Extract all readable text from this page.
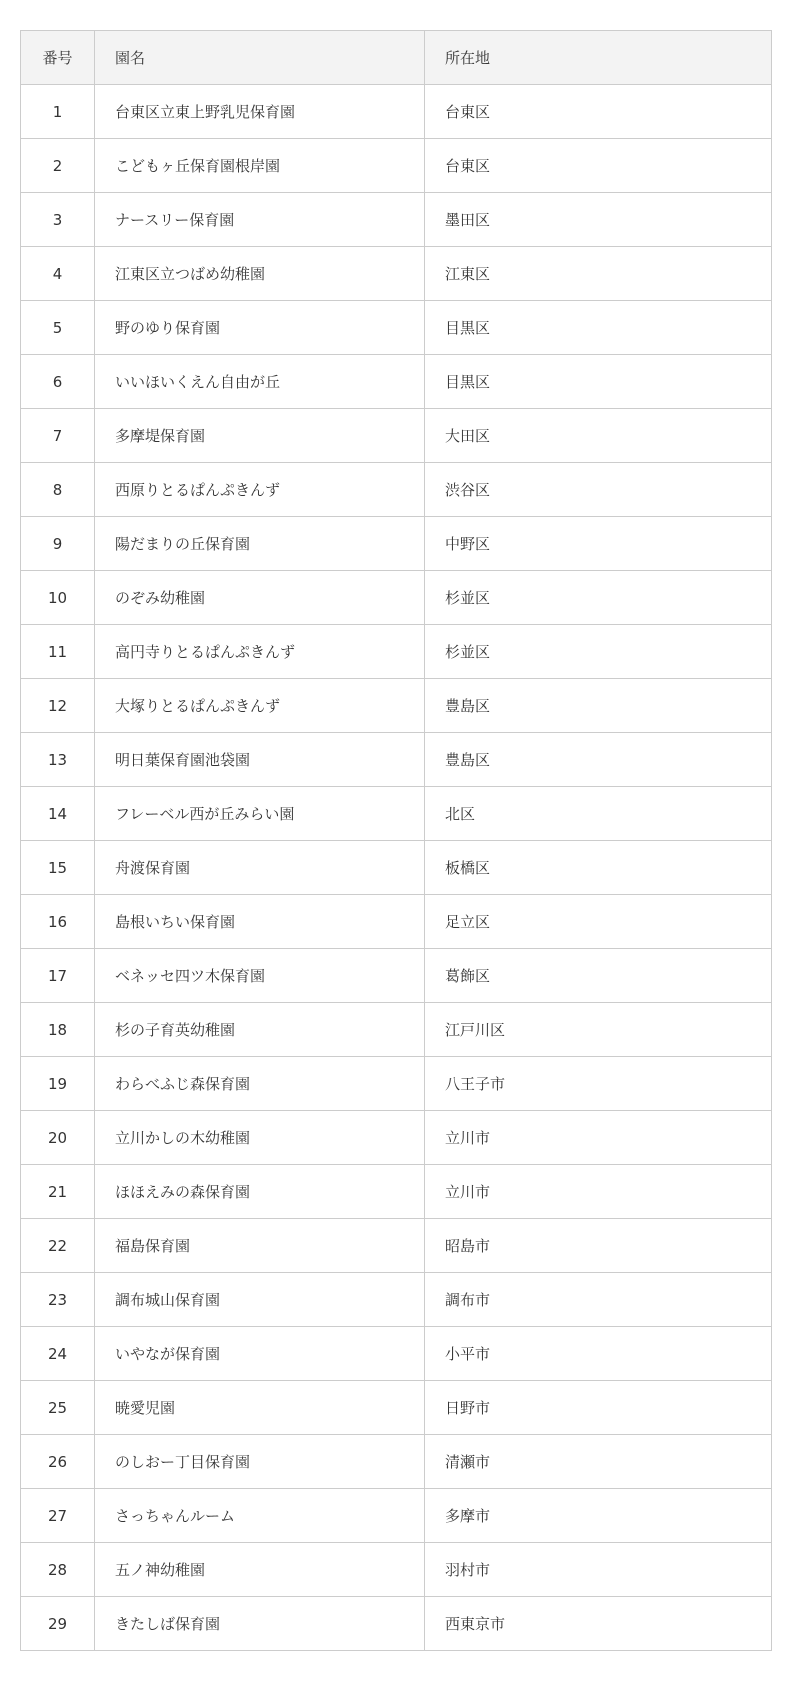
番号	園名	所在地
1	台東区立東上野乳児保育園	台東区
2	こどもヶ丘保育園根岸園	台東区
3	ナースリー保育園	墨田区
4	江東区立つばめ幼稚園	江東区
5	野のゆり保育園	目黒区
6	いいほいくえん自由が丘	目黒区
7	多摩堤保育園	大田区
8	西原りとるぱんぷきんず	渋谷区
9	陽だまりの丘保育園	中野区
10	のぞみ幼稚園	杉並区
11	高円寺りとるぱんぷきんず	杉並区
12	大塚りとるぱんぷきんず	豊島区
13	明日葉保育園池袋園	豊島区
14	フレーベル西が丘みらい園	北区
15	舟渡保育園	板橋区
16	島根いちい保育園	足立区
17	ベネッセ四ツ木保育園	葛飾区
18	杉の子育英幼稚園	江戸川区
19	わらべふじ森保育園	八王子市
20	立川かしの木幼稚園	立川市
21	ほほえみの森保育園	立川市
22	福島保育園	昭島市
23	調布城山保育園	調布市
24	いやなが保育園	小平市
25	暁愛児園	日野市
26	のしおー丁目保育園	清瀬市
27	さっちゃんルーム	多摩市
28	五ノ神幼稚園	羽村市
29	きたしば保育園	西東京市
